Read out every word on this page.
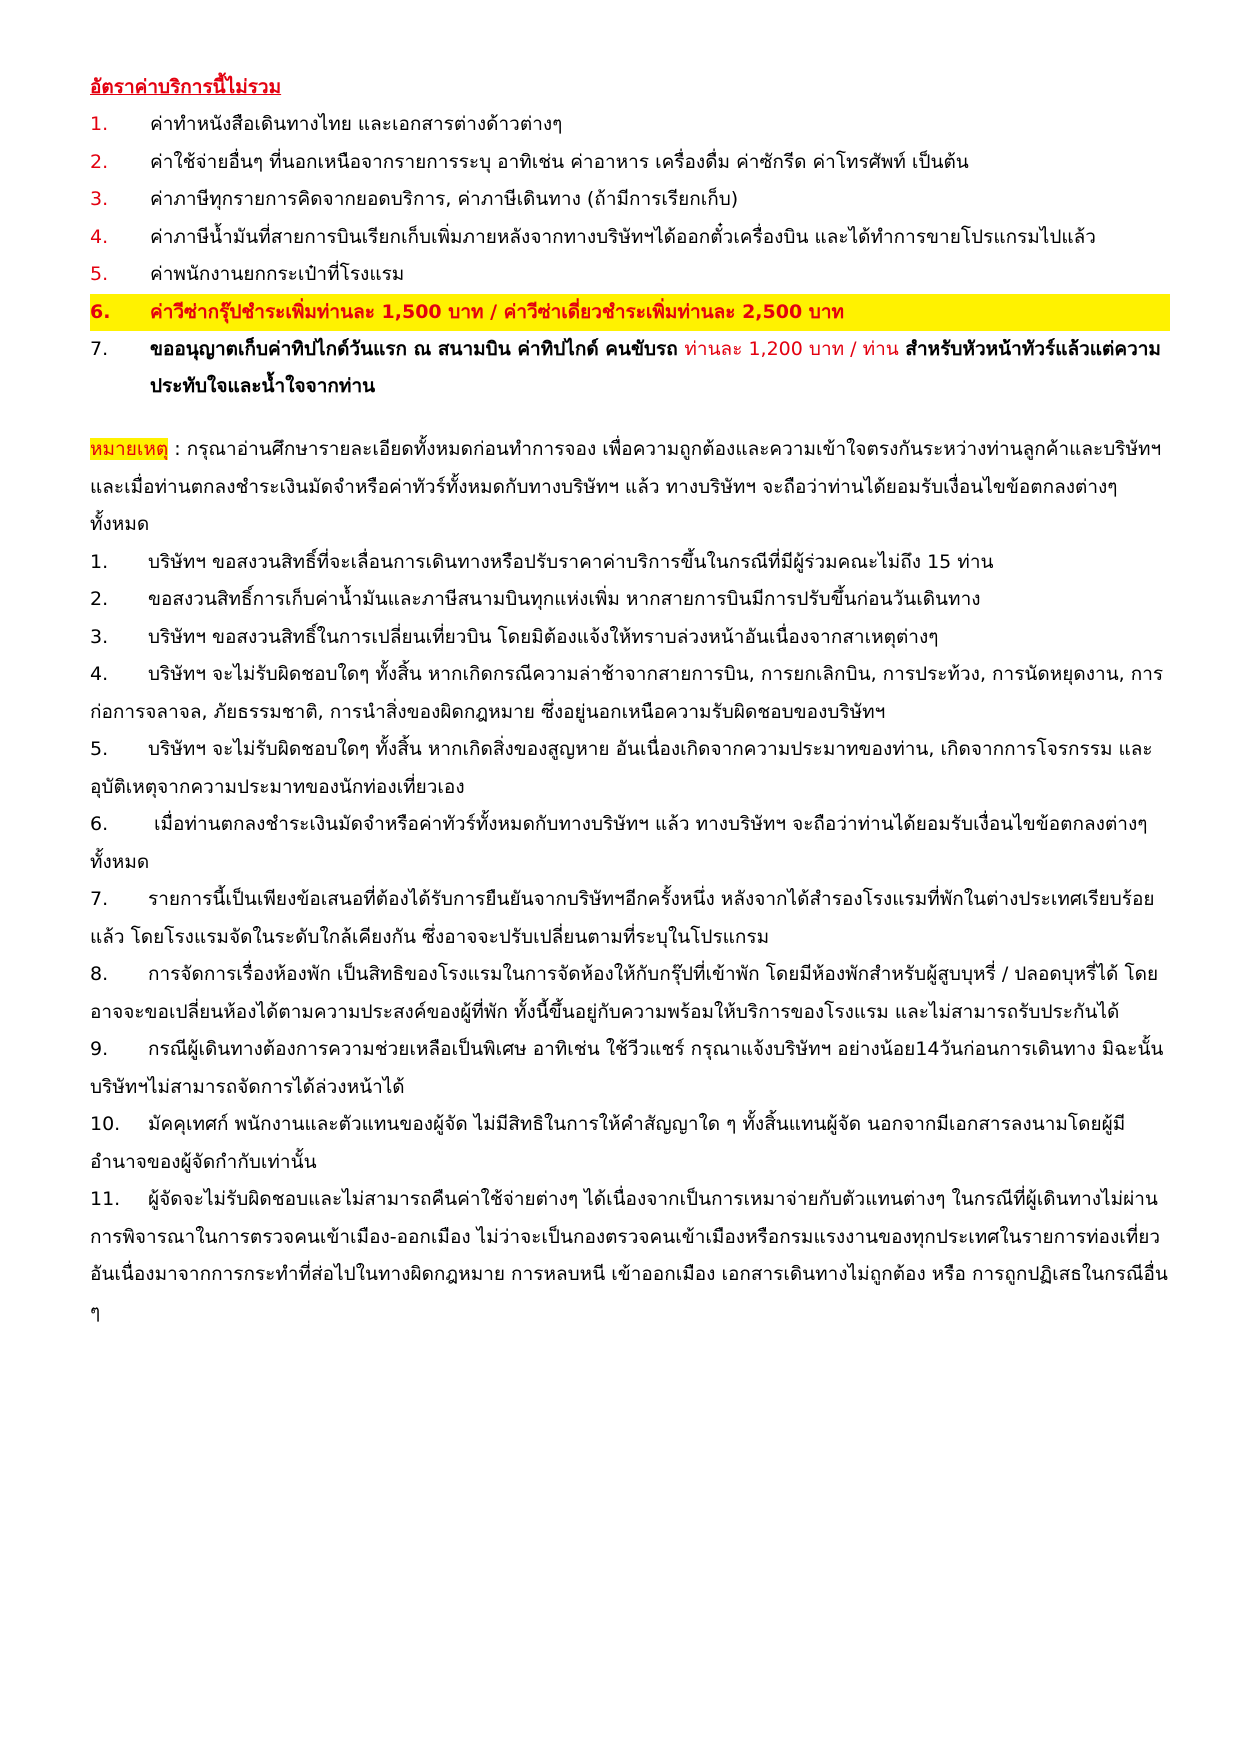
อัตราค่าบริการนี้ไม่รวม
1.	ค่าทำหนังสือเดินทางไทย และเอกสารต่างด้าวต่างๆ
2.	ค่าใช้จ่ายอื่นๆ ที่นอกเหนือจากรายการระบุ อาทิเช่น ค่าอาหาร เครื่องดื่ม ค่าซักรีด ค่าโทรศัพท์ เป็นต้น
3.	ค่าภาษีทุกรายการคิดจากยอดบริการ, ค่าภาษีเดินทาง (ถ้ามีการเรียกเก็บ)
4.	ค่าภาษีน้ำมันที่สายการบินเรียกเก็บเพิ่มภายหลังจากทางบริษัทฯได้ออกตั๋วเครื่องบิน และได้ทำการขายโปรแกรมไปแล้ว
5.	ค่าพนักงานยกกระเป๋าที่โรงแรม
6.	ค่าวีซ่ากรุ๊ปชำระเพิ่มท่านละ 1,500 บาท / ค่าวีซ่าเดี่ยวชำระเพิ่มท่านละ 2,500 บาท
7.	ขออนุญาตเก็บค่าทิปไกด์วันแรก ณ สนามบิน ค่าทิปไกด์ คนขับรถ ท่านละ 1,200 บาท / ท่าน สำหรับหัวหน้าทัวร์แล้วแต่ความประทับใจและน้ำใจจากท่าน
หมายเหตุ : กรุณาอ่านศึกษารายละเอียดทั้งหมดก่อนทำการจอง เพื่อความถูกต้องและความเข้าใจตรงกันระหว่างท่านลูกค้าและบริษัทฯ และเมื่อท่านตกลงชำระเงินมัดจำหรือค่าทัวร์ทั้งหมดกับทางบริษัทฯ แล้ว ทางบริษัทฯ จะถือว่าท่านได้ยอมรับเงื่อนไขข้อตกลงต่างๆ ทั้งหมด
1. บริษัทฯ ขอสงวนสิทธิ์ที่จะเลื่อนการเดินทางหรือปรับราคาค่าบริการขึ้นในกรณีที่มีผู้ร่วมคณะไม่ถึง 15 ท่าน
2. ขอสงวนสิทธิ์การเก็บค่าน้ำมันและภาษีสนามบินทุกแห่งเพิ่ม หากสายการบินมีการปรับขึ้นก่อนวันเดินทาง
3. บริษัทฯ ขอสงวนสิทธิ์ในการเปลี่ยนเที่ยวบิน โดยมิต้องแจ้งให้ทราบล่วงหน้าอันเนื่องจากสาเหตุต่างๆ
4. บริษัทฯ จะไม่รับผิดชอบใดๆ ทั้งสิ้น หากเกิดกรณีความล่าช้าจากสายการบิน, การยกเลิกบิน, การประท้วง, การนัดหยุดงาน, การก่อการจลาจล, ภัยธรรมชาติ, การนำสิ่งของผิดกฎหมาย ซึ่งอยู่นอกเหนือความรับผิดชอบของบริษัทฯ
5. บริษัทฯ จะไม่รับผิดชอบใดๆ ทั้งสิ้น หากเกิดสิ่งของสูญหาย อันเนื่องเกิดจากความประมาทของท่าน, เกิดจากการโจรกรรม และ อุบัติเหตุจากความประมาทของนักท่องเที่ยวเอง
6. เมื่อท่านตกลงชำระเงินมัดจำหรือค่าทัวร์ทั้งหมดกับทางบริษัทฯ แล้ว ทางบริษัทฯ จะถือว่าท่านได้ยอมรับเงื่อนไขข้อตกลงต่างๆ ทั้งหมด
7. รายการนี้เป็นเพียงข้อเสนอที่ต้องได้รับการยืนยันจากบริษัทฯอีกครั้งหนึ่ง หลังจากได้สำรองโรงแรมที่พักในต่างประเทศเรียบร้อยแล้ว โดยโรงแรมจัดในระดับใกล้เคียงกัน ซึ่งอาจจะปรับเปลี่ยนตามที่ระบุในโปรแกรม
8. การจัดการเรื่องห้องพัก เป็นสิทธิของโรงแรมในการจัดห้องให้กับกรุ๊ปที่เข้าพัก โดยมีห้องพักสำหรับผู้สูบบุหรี่ / ปลอดบุหรี่ได้ โดยอาจจะขอเปลี่ยนห้องได้ตามความประสงค์ของผู้ที่พัก ทั้งนี้ขึ้นอยู่กับความพร้อมให้บริการของโรงแรม และไม่สามารถรับประกันได้
9. กรณีผู้เดินทางต้องการความช่วยเหลือเป็นพิเศษ อาทิเช่น ใช้วีวแชร์ กรุณาแจ้งบริษัทฯ อย่างน้อย14วันก่อนการเดินทาง มิฉะนั้น บริษัทฯไม่สามารถจัดการได้ล่วงหน้าได้
10. มัคคุเทศก์ พนักงานและตัวแทนของผู้จัด ไม่มีสิทธิในการให้คำสัญญาใด ๆ ทั้งสิ้นแทนผู้จัด นอกจากมีเอกสารลงนามโดยผู้มีอำนาจของผู้จัดกำกับเท่านั้น
11. ผู้จัดจะไม่รับผิดชอบและไม่สามารถคืนค่าใช้จ่ายต่างๆ ได้เนื่องจากเป็นการเหมาจ่ายกับตัวแทนต่างๆ ในกรณีที่ผู้เดินทางไม่ผ่านการพิจารณาในการตรวจคนเข้าเมือง-ออกเมือง ไม่ว่าจะเป็นกองตรวจคนเข้าเมืองหรือกรมแรงงานของทุกประเทศในรายการท่องเที่ยว อันเนื่องมาจากการกระทำที่ส่อไปในทางผิดกฎหมาย การหลบหนี เข้าออกเมือง เอกสารเดินทางไม่ถูกต้อง หรือ การถูกปฏิเสธในกรณีอื่น ๆ
